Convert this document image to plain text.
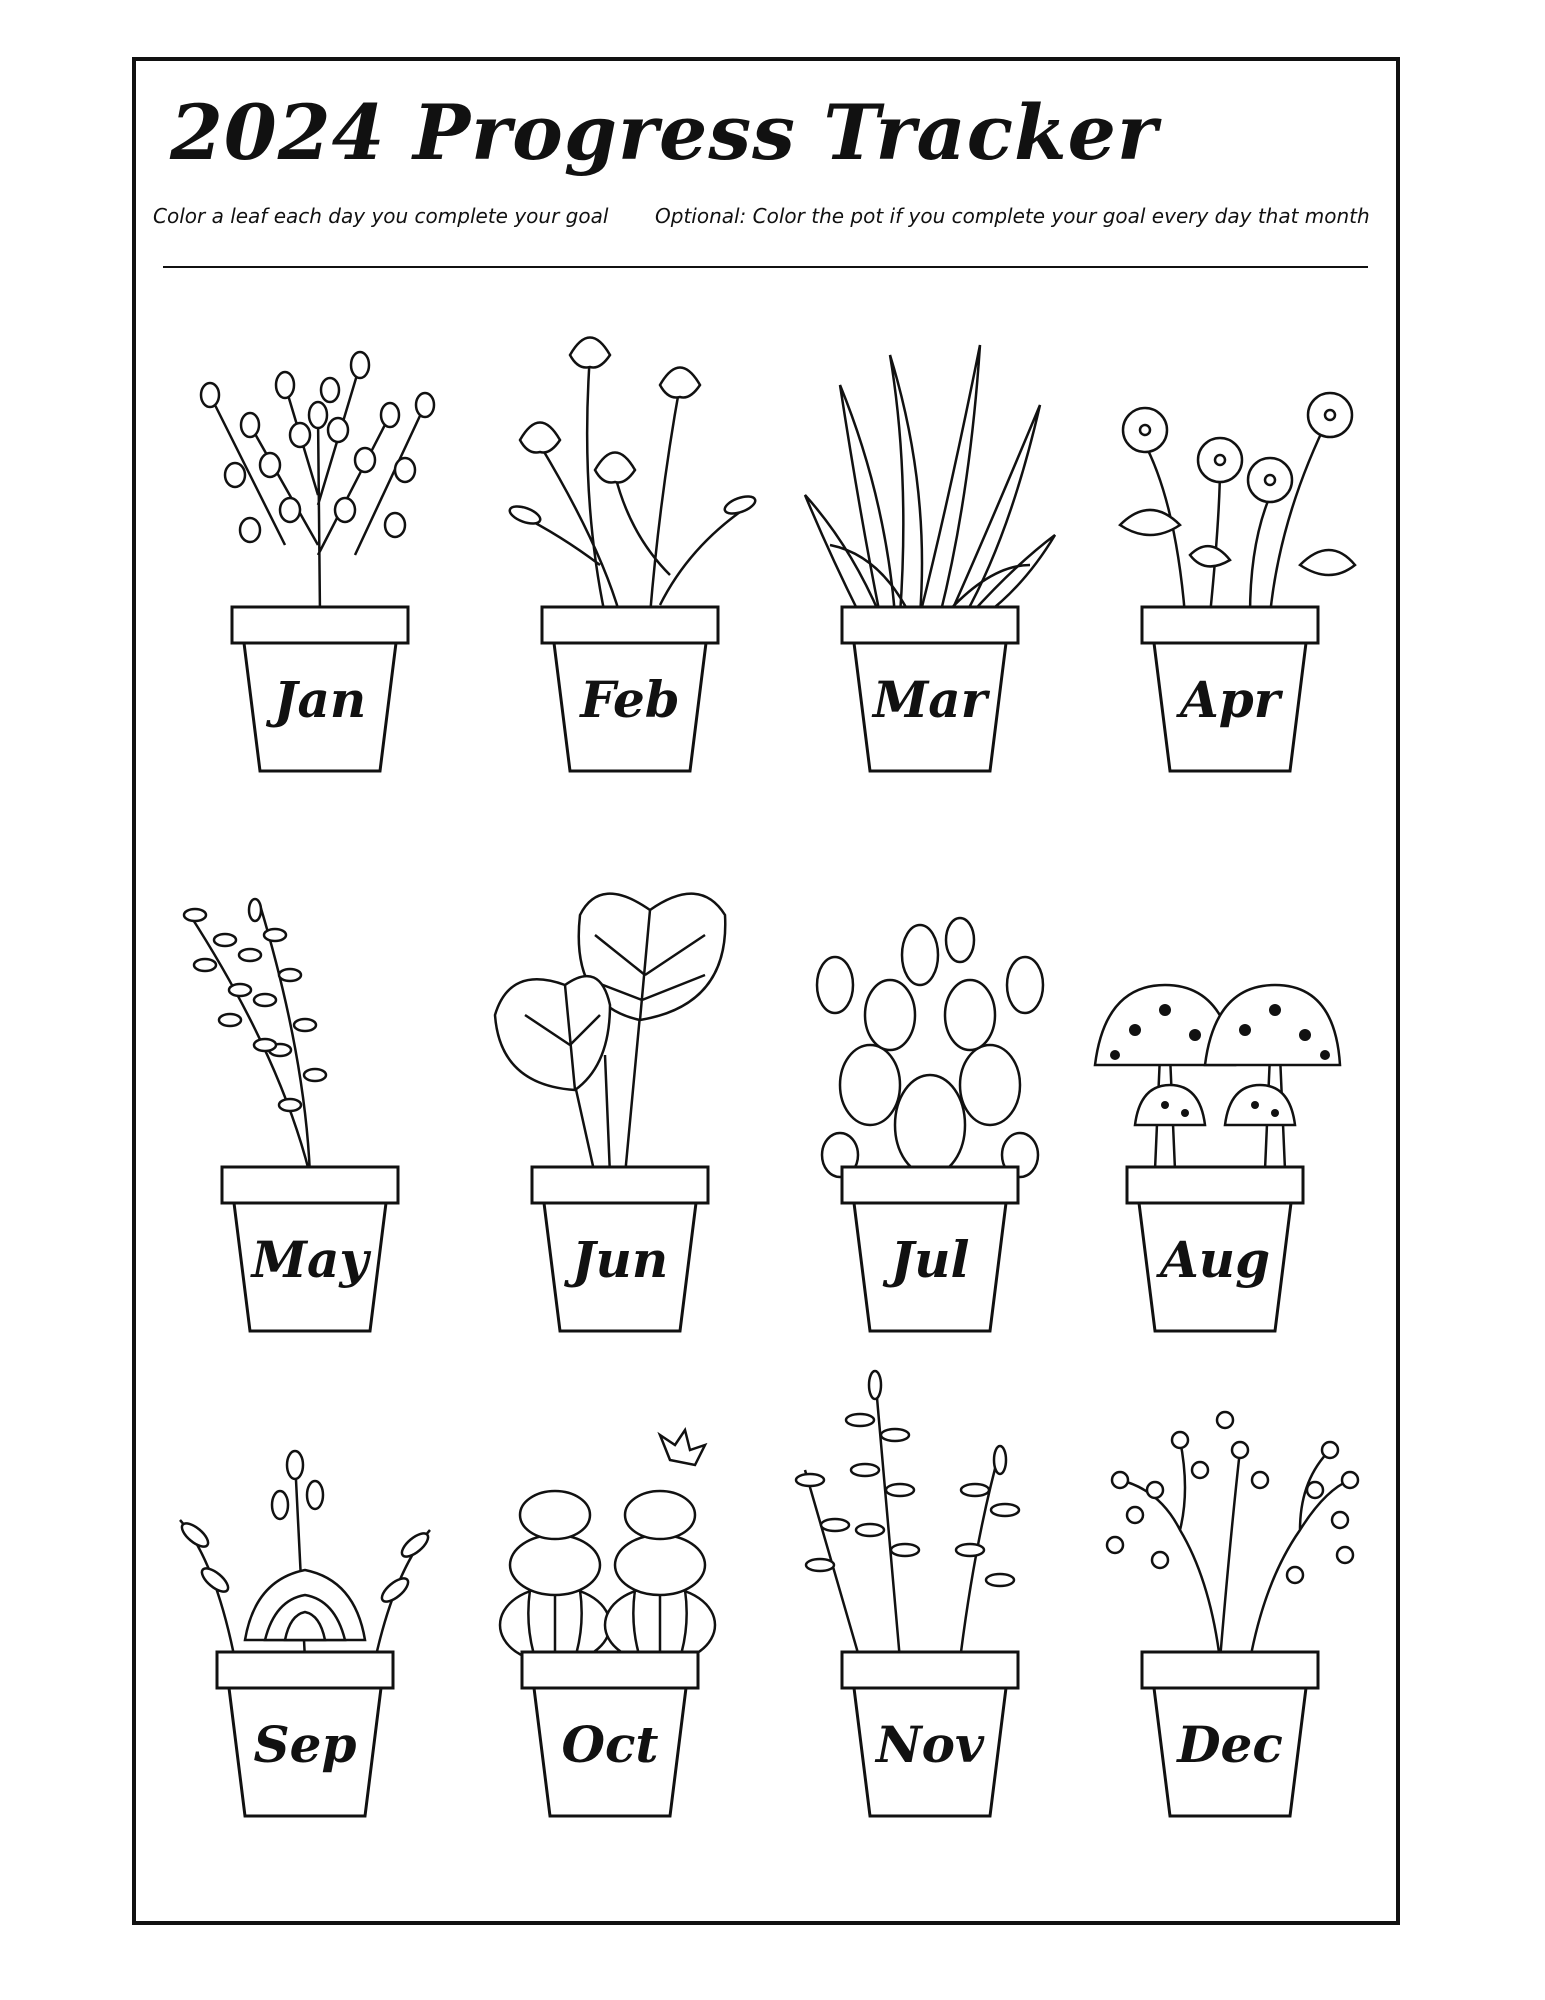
2024 Progress Tracker
Color a leaf each day you complete your goal Optional: Color the pot if you complete your goal every day that month
Jan	Feb	Mar	Apr
May	Jun	Jul	Aug
Sep	Oct	Nov	Dec
